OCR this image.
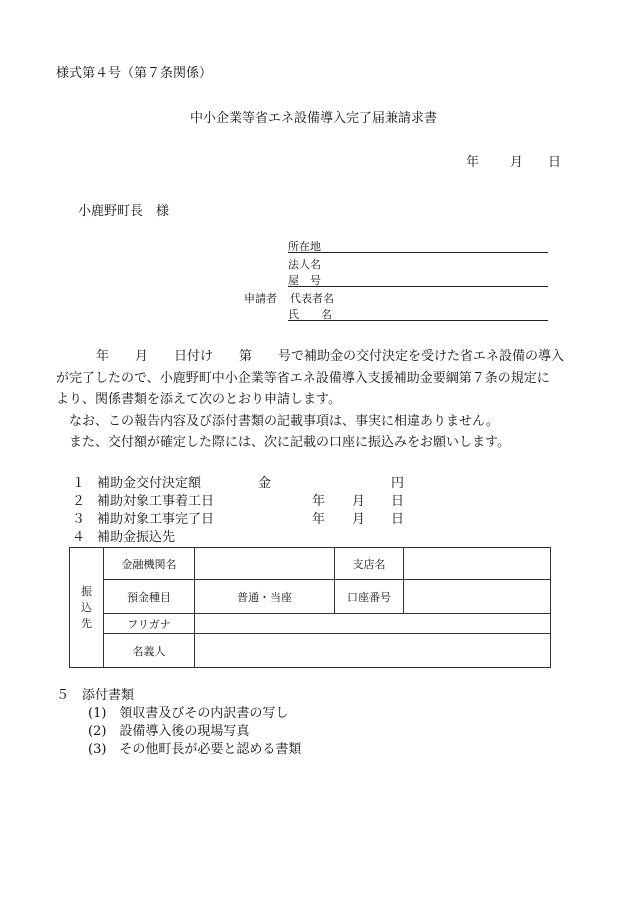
様式第４号（第７条関係）
中小企業等省エネ設備導入完了届兼請求書
年 月 日
小鹿野町長　様
所在地
法人名
屋　号
申請者 代表者名
氏　　名

年　　月　　日付け　　第　　号で補助金の交付決定を受けた省エネ設備の導入

が完了したので、小鹿野町中小企業等省エネ設備導入支援補助金要綱第７条の規定に

より、関係書類を添えて次のとおり申請します。

なお、この報告内容及び添付書類の記載事項は、事実に相違ありません。

また、交付額が確定した際には、次に記載の口座に振込みをお願いします。

１ 補助金交付決定額	金	円
２ 補助対象工事着工日	年 月 日
３ 補助対象工事完了日	年 月 日
４ 補助金振込先
振
込
先	金融機関名		支店名	
	預金種目	普通・当座	口座番号	
	フリガナ			
	名義人			
５　添付書類
(1)　領収書及びその内訳書の写し
(2)　設備導入後の現場写真
(3)　その他町長が必要と認める書類
